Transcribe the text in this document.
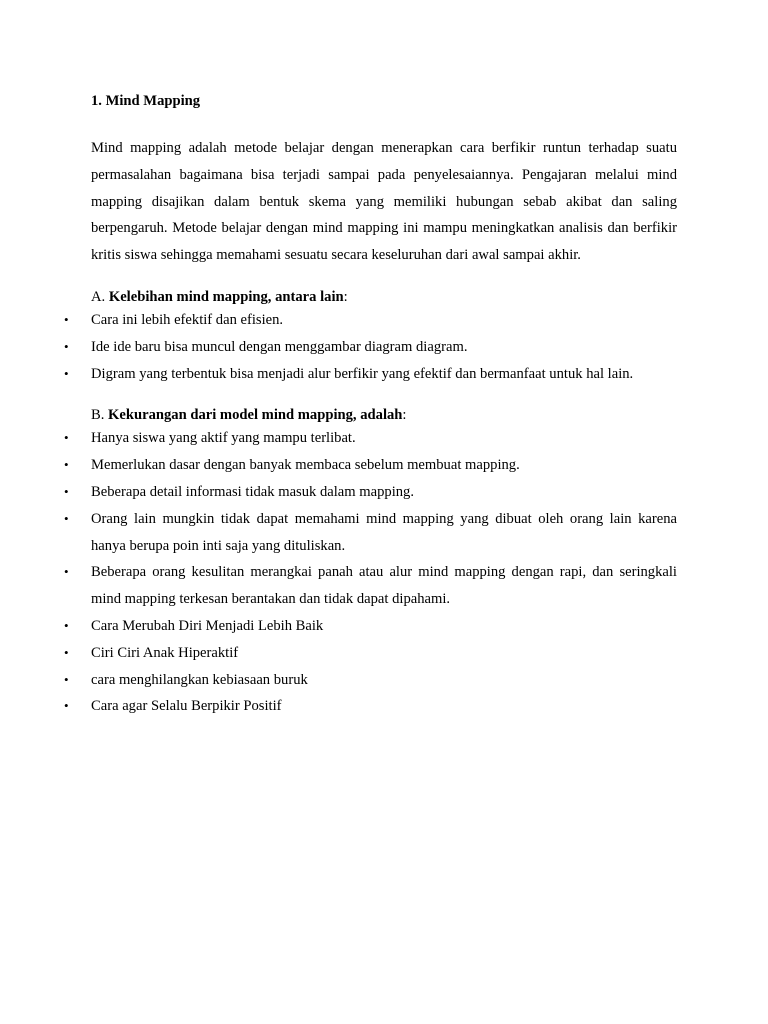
1. Mind Mapping

Mind mapping adalah metode belajar dengan menerapkan cara berfikir runtun terhadap suatu permasalahan bagaimana bisa terjadi sampai pada penyelesaiannya. Pengajaran melalui mind mapping disajikan dalam bentuk skema yang memiliki hubungan sebab akibat dan saling berpengaruh. Metode belajar dengan mind mapping ini mampu meningkatkan analisis dan berfikir kritis siswa sehingga memahami sesuatu secara keseluruhan dari awal sampai akhir.

A. Kelebihan mind mapping, antara lain:

• Cara ini lebih efektif dan efisien.
• Ide ide baru bisa muncul dengan menggambar diagram diagram.
• Digram yang terbentuk bisa menjadi alur berfikir yang efektif dan bermanfaat untuk hal lain.

B. Kekurangan dari model mind mapping, adalah:

• Hanya siswa yang aktif yang mampu terlibat.
• Memerlukan dasar dengan banyak membaca sebelum membuat mapping.
• Beberapa detail informasi tidak masuk dalam mapping.
• Orang lain mungkin tidak dapat memahami mind mapping yang dibuat oleh orang lain karena hanya berupa poin inti saja yang dituliskan.
• Beberapa orang kesulitan merangkai panah atau alur mind mapping dengan rapi, dan seringkali mind mapping terkesan berantakan dan tidak dapat dipahami.
• Cara Merubah Diri Menjadi Lebih Baik
• Ciri Ciri Anak Hiperaktif
• cara menghilangkan kebiasaan buruk
• Cara agar Selalu Berpikir Positif
